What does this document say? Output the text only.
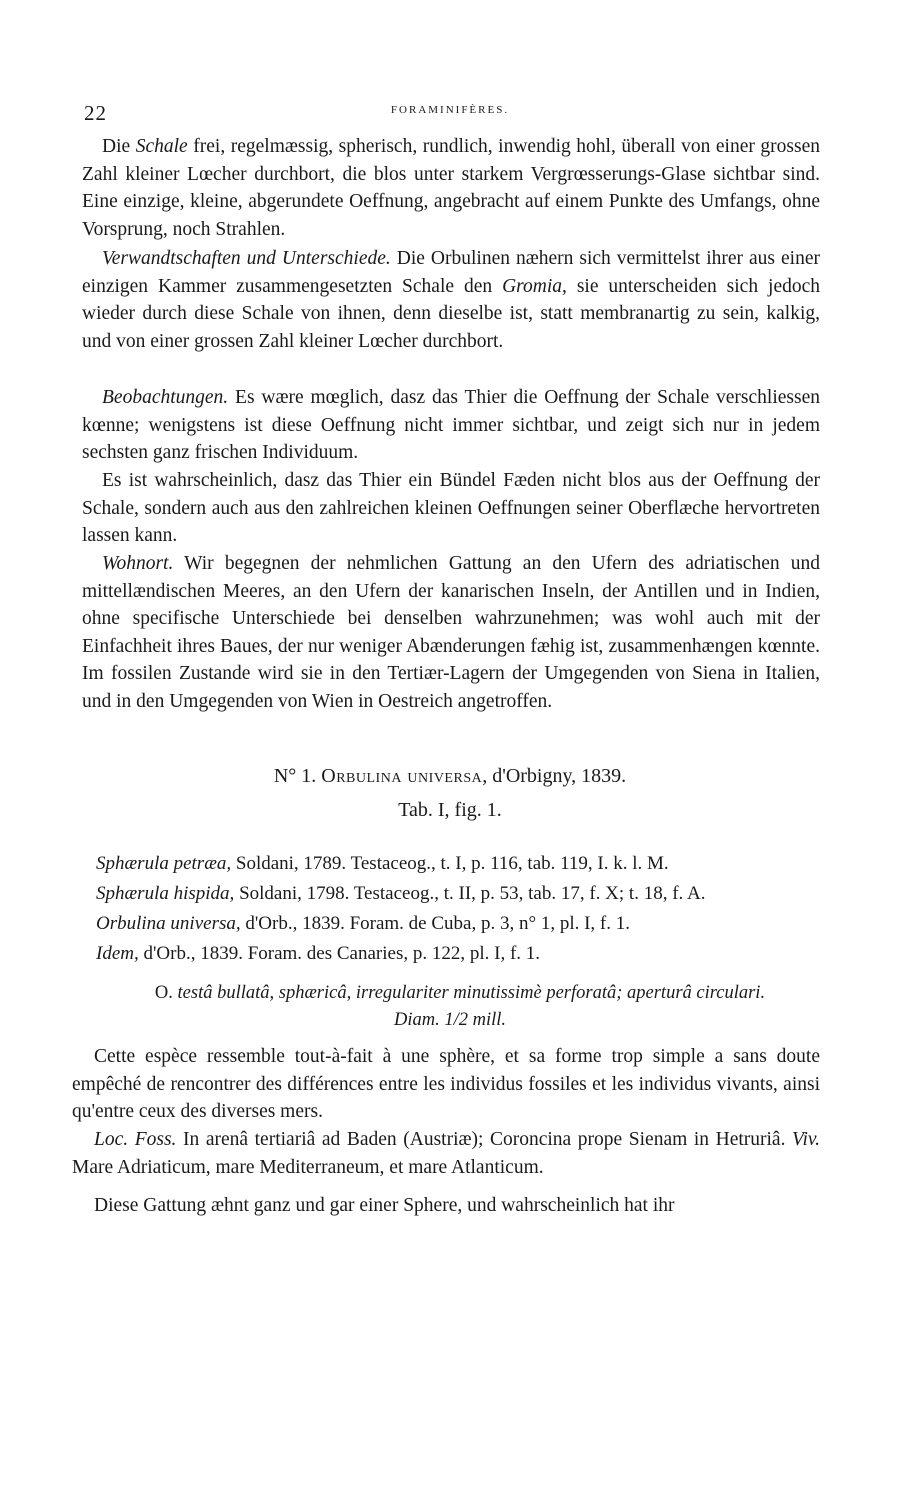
22	FORAMINIFÈRES.

Die Schale frei, regelmæssig, spherisch, rundlich, inwendig hohl, überall von einer grossen Zahl kleiner Lœcher durchbort, die blos unter starkem Vergrœsserungs-Glase sichtbar sind. Eine einzige, kleine, abgerundete Oeffnung, angebracht auf einem Punkte des Umfangs, ohne Vorsprung, noch Strahlen.

Verwandtschaften und Unterschiede. Die Orbulinen næhern sich vermittelst ihrer aus einer einzigen Kammer zusammengesetzten Schale den Gromia, sie unterscheiden sich jedoch wieder durch diese Schale von ihnen, denn dieselbe ist, statt membranartig zu sein, kalkig, und von einer grossen Zahl kleiner Lœcher durchbort.

Beobachtungen. Es wære mœglich, dasz das Thier die Oeffnung der Schale verschliessen kœnne; wenigstens ist diese Oeffnung nicht immer sichtbar, und zeigt sich nur in jedem sechsten ganz frischen Individuum.

Es ist wahrscheinlich, dasz das Thier ein Bündel Fæden nicht blos aus der Oeffnung der Schale, sondern auch aus den zahlreichen kleinen Oeffnungen seiner Oberflæche hervortreten lassen kann.

Wohnort. Wir begegnen der nehmlichen Gattung an den Ufern des adriatischen und mittellændischen Meeres, an den Ufern der kanarischen Inseln, der Antillen und in Indien, ohne specifische Unterschiede bei denselben wahrzunehmen; was wohl auch mit der Einfachheit ihres Baues, der nur weniger Abænderungen fæhig ist, zusammenhængen kœnnte. Im fossilen Zustande wird sie in den Tertiær-Lagern der Umgegenden von Siena in Italien, und in den Umgegenden von Wien in Oestreich angetroffen.

N° 1. Orbulina universa, d'Orbigny, 1839.

Tab. I, fig. 1.

Sphærula petræa, Soldani, 1789. Testaceog., t. I, p. 116, tab. 119, I. k. l. M.
Sphærula hispida, Soldani, 1798. Testaceog., t. II, p. 53, tab. 17, f. X; t. 18, f. A.
Orbulina universa, d'Orb., 1839. Foram. de Cuba, p. 3, n° 1, pl. I, f. 1.
Idem, d'Orb., 1839. Foram. des Canaries, p. 122, pl. I, f. 1.

O. testâ bullatâ, sphæricâ, irregulariter minutissimè perforatâ; aperturâ circulari.

Diam. 1/2 mill.

Cette espèce ressemble tout-à-fait à une sphère, et sa forme trop simple a sans doute empêché de rencontrer des différences entre les individus fossiles et les individus vivants, ainsi qu'entre ceux des diverses mers.

Loc. Foss. In arenâ tertiariâ ad Baden (Austriæ); Coroncina prope Sienam in Hetruriâ. Viv. Mare Adriaticum, mare Mediterraneum, et mare Atlanticum.

Diese Gattung æhnt ganz und gar einer Sphere, und wahrscheinlich hat ihr
